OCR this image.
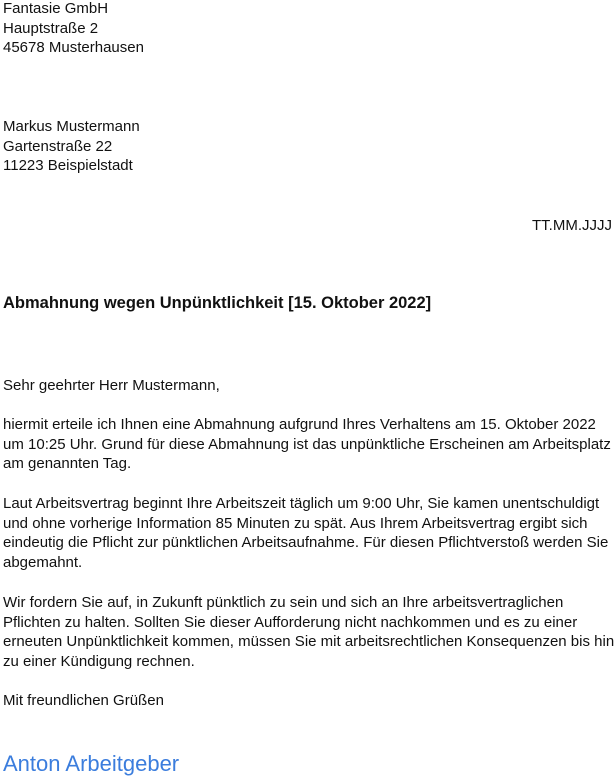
Fantasie GmbH
Hauptstraße 2
45678 Musterhausen
Markus Mustermann
Gartenstraße 22
11223 Beispielstadt
TT.MM.JJJJ
Abmahnung wegen Unpünktlichkeit [15. Oktober 2022]
Sehr geehrter Herr Mustermann,
hiermit erteile ich Ihnen eine Abmahnung aufgrund Ihres Verhaltens am 15. Oktober 2022
um 10:25 Uhr. Grund für diese Abmahnung ist das unpünktliche Erscheinen am Arbeitsplatz
am genannten Tag.
Laut Arbeitsvertrag beginnt Ihre Arbeitszeit täglich um 9:00 Uhr, Sie kamen unentschuldigt
und ohne vorherige Information 85 Minuten zu spät. Aus Ihrem Arbeitsvertrag ergibt sich
eindeutig die Pflicht zur pünktlichen Arbeitsaufnahme. Für diesen Pflichtverstoß werden Sie
abgemahnt.
Wir fordern Sie auf, in Zukunft pünktlich zu sein und sich an Ihre arbeitsvertraglichen
Pflichten zu halten. Sollten Sie dieser Aufforderung nicht nachkommen und es zu einer
erneuten Unpünktlichkeit kommen, müssen Sie mit arbeitsrechtlichen Konsequenzen bis hin
zu einer Kündigung rechnen.
Mit freundlichen Grüßen
Anton Arbeitgeber
